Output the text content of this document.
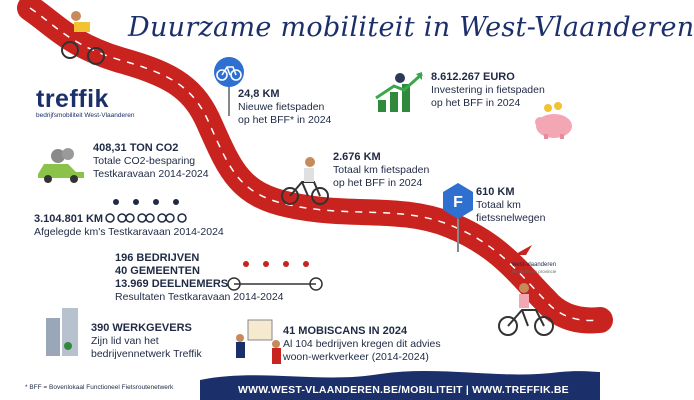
Duurzame mobiliteit in West-Vlaanderen
treffik
bedrijfsmobiliteit West-Vlaanderen
24,8 KM
Nieuwe fietspaden
op het BFF* in 2024
8.612.267 EURO
Investering in fietspaden
op het BFF in 2024
408,31 TON CO2
Totale CO2-besparing
Testkaravaan 2014-2024
2.676 KM
Totaal km fietspaden
op het BFF in 2024
F
610 KM
Totaal km
fietssnelwegen
west-vlaanderen
de gedreven provincie
3.104.801 KM
Afgelegde km's Testkaravaan 2014-2024
196 BEDRIJVEN
40 GEMEENTEN
13.969 DEELNEMERS
Resultaten Testkaravaan 2014-2024
390 WERKGEVERS
Zijn lid van het
bedrijvennetwerk Treffik
41 MOBISCANS IN 2024
Al 104 bedrijven kregen dit advies
woon-werkverkeer (2014-2024)
* BFF = Bovenlokaal Functioneel Fietsroutenetwerk	WWW.WEST-VLAANDEREN.BE/MOBILITEIT | WWW.TREFFIK.BE
